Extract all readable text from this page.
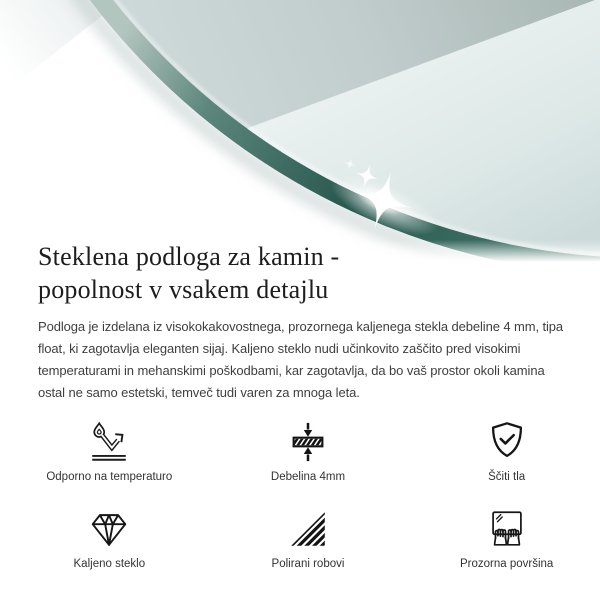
Steklena podloga za kamin -
popolnost v vsakem detajlu

Podloga je izdelana iz visokokakovostnega, prozornega kaljenega stekla debeline 4 mm, tipa float, ki zagotavlja eleganten sijaj. Kaljeno steklo nudi učinkovito zaščito pred visokimi temperaturami in mehanskimi poškodbami, kar zagotavlja, da bo vaš prostor okoli kamina ostal ne samo estetski, temveč tudi varen za mnoga leta.

Odporno na temperaturo	Debelina 4mm	Ščiti tla
Kaljeno steklo	Polirani robovi	Prozorna površina
